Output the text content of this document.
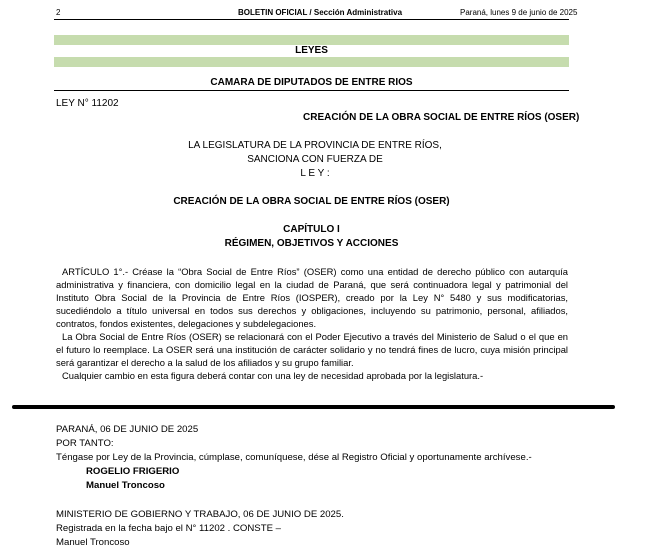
2	BOLETIN OFICIAL / Sección Administrativa	Paraná, lunes 9 de junio de 2025
LEYES
CAMARA DE DIPUTADOS DE ENTRE RIOS
LEY N° 11202
CREACIÓN DE LA OBRA SOCIAL DE ENTRE RÍOS (OSER)
LA LEGISLATURA DE LA PROVINCIA DE ENTRE RÍOS,
SANCIONA CON FUERZA DE
L E Y :
CREACIÓN DE LA OBRA SOCIAL DE ENTRE RÍOS (OSER)
CAPÍTULO I
RÉGIMEN, OBJETIVOS Y ACCIONES

ARTÍCULO 1°.- Créase la “Obra Social de Entre Ríos” (OSER) como una entidad de derecho público con autarquía administrativa y financiera, con domicilio legal en la ciudad de Paraná, que será continuadora legal y patrimonial del Instituto Obra Social de la Provincia de Entre Ríos (IOSPER), creado por la Ley N° 5480 y sus modificatorias, sucediéndolo a título universal en todos sus derechos y obligaciones, incluyendo su patrimonio, personal, afiliados, contratos, fondos existentes, delegaciones y subdelegaciones.

La Obra Social de Entre Ríos (OSER) se relacionará con el Poder Ejecutivo a través del Ministerio de Salud o el que en el futuro lo reemplace. La OSER será una institución de carácter solidario y no tendrá fines de lucro, cuya misión principal será garantizar el derecho a la salud de los afiliados y su grupo familiar.

Cualquier cambio en esta figura deberá contar con una ley de necesidad aprobada por la legislatura.-

PARANÁ, 06 DE JUNIO DE 2025
POR TANTO:
Téngase por Ley de la Provincia, cúmplase, comuníquese, dése al Registro Oficial y oportunamente archívese.-
ROGELIO FRIGERIO
Manuel Troncoso
MINISTERIO DE GOBIERNO Y TRABAJO, 06 DE JUNIO DE 2025.
Registrada en la fecha bajo el N° 11202 . CONSTE –
Manuel Troncoso
